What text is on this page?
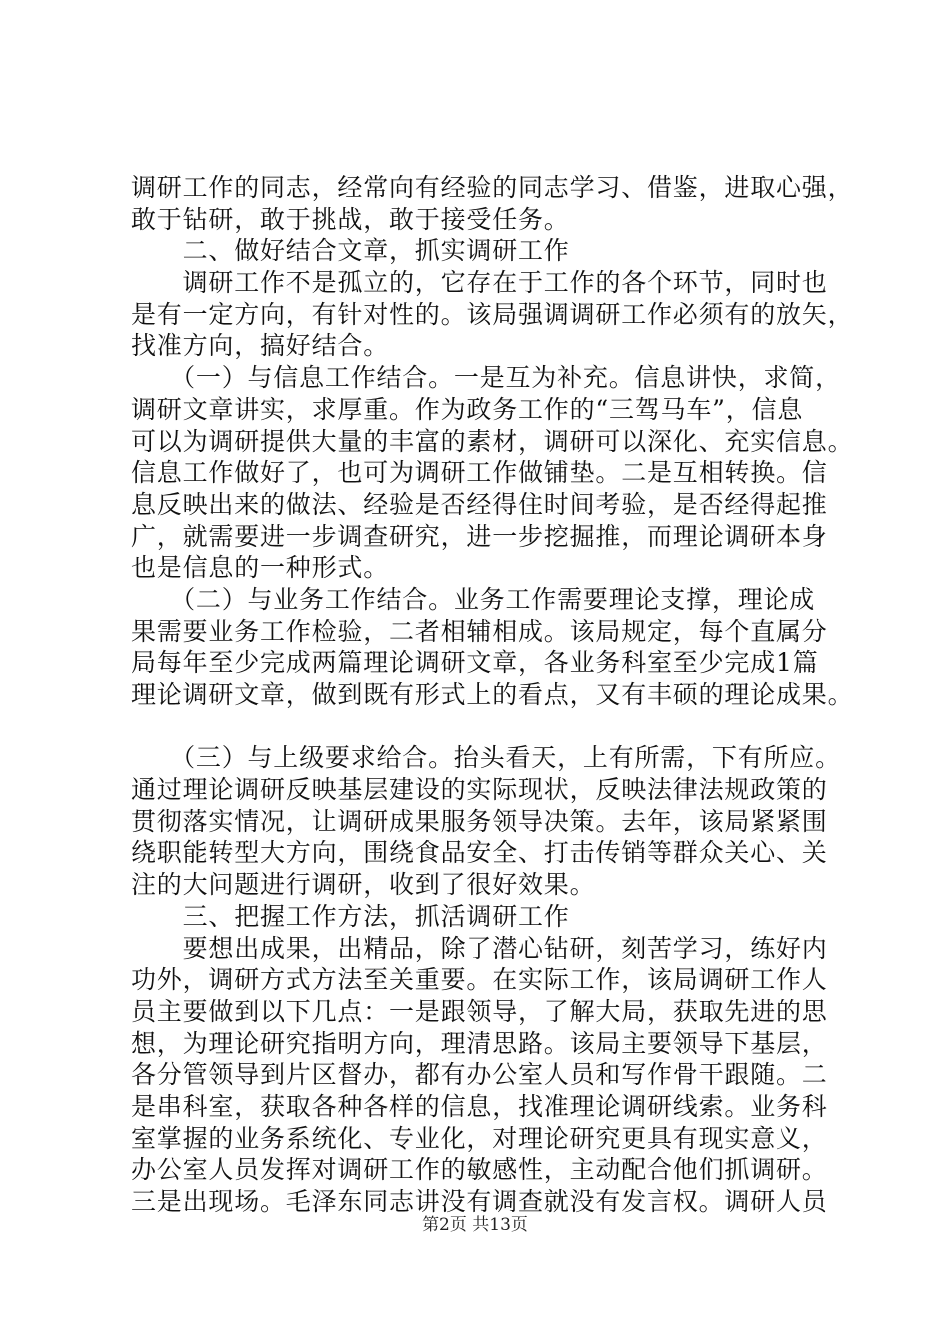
调研工作的同志，经常向有经验的同志学习、借鉴，进取心强，
敢于钻研，敢于挑战，敢于接受任务。
　　二、做好结合文章，抓实调研工作
　　调研工作不是孤立的，它存在于工作的各个环节，同时也
是有一定方向，有针对性的。该局强调调研工作必须有的放矢，
找准方向，搞好结合。
　　（一）与信息工作结合。一是互为补充。信息讲快，求简，
调研文章讲实，求厚重。作为政务工作的“三驾马车”，信息
可以为调研提供大量的丰富的素材，调研可以深化、充实信息。
信息工作做好了，也可为调研工作做铺垫。二是互相转换。信
息反映出来的做法、经验是否经得住时间考验，是否经得起推
广，就需要进一步调查研究，进一步挖掘推，而理论调研本身
也是信息的一种形式。
　　（二）与业务工作结合。业务工作需要理论支撑，理论成
果需要业务工作检验，二者相辅相成。该局规定，每个直属分
局每年至少完成两篇理论调研文章，各业务科室至少完成1篇
理论调研文章，做到既有形式上的看点，又有丰硕的理论成果。
　　（三）与上级要求给合。抬头看天，上有所需，下有所应。
通过理论调研反映基层建设的实际现状，反映法律法规政策的
贯彻落实情况，让调研成果服务领导决策。去年，该局紧紧围
绕职能转型大方向，围绕食品安全、打击传销等群众关心、关
注的大问题进行调研，收到了很好效果。
　　三、把握工作方法，抓活调研工作
　　要想出成果，出精品，除了潜心钻研，刻苦学习，练好内
功外，调研方式方法至关重要。在实际工作，该局调研工作人
员主要做到以下几点：一是跟领导，了解大局，获取先进的思
想，为理论研究指明方向，理清思路。该局主要领导下基层，
各分管领导到片区督办，都有办公室人员和写作骨干跟随。二
是串科室，获取各种各样的信息，找准理论调研线索。业务科
室掌握的业务系统化、专业化，对理论研究更具有现实意义，
办公室人员发挥对调研工作的敏感性，主动配合他们抓调研。
三是出现场。毛泽东同志讲没有调查就没有发言权。调研人员
第2页 共13页
